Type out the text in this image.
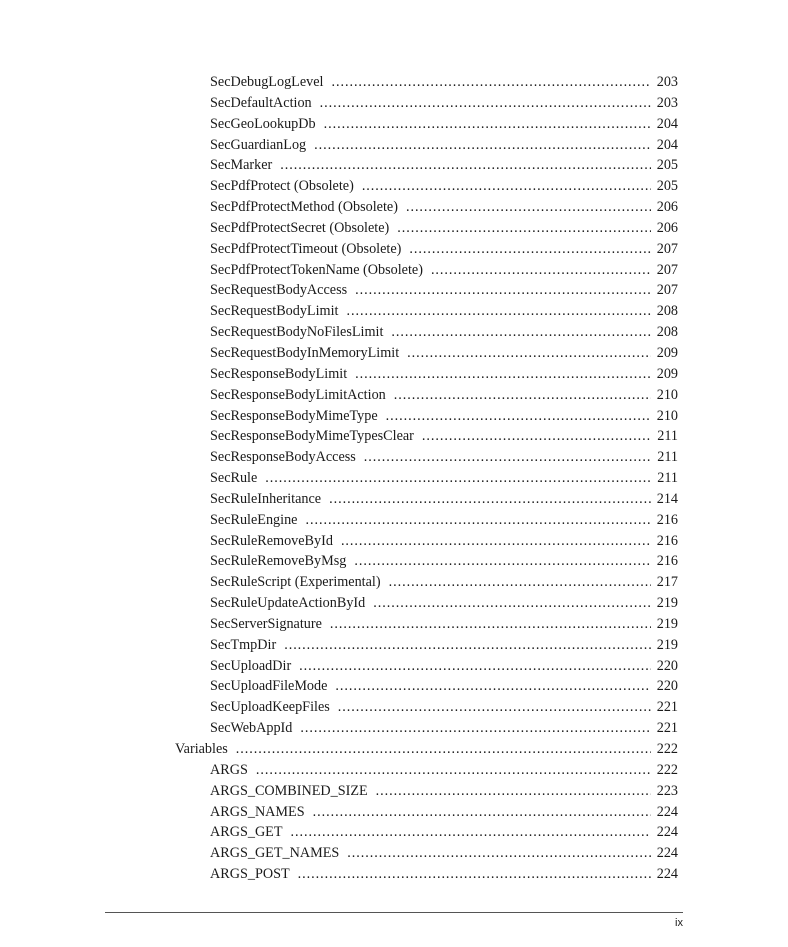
SecDebugLogLevel . . .	203
SecDefaultAction . . .	203
SecGeoLookupDb . . .	204
SecGuardianLog . . .	204
SecMarker . . .	205
SecPdfProtect (Obsolete) . . .	205
SecPdfProtectMethod (Obsolete) . . .	206
SecPdfProtectSecret (Obsolete) . . .	206
SecPdfProtectTimeout (Obsolete) . . .	207
SecPdfProtectTokenName (Obsolete) . . .	207
SecRequestBodyAccess . . .	207
SecRequestBodyLimit . . .	208
SecRequestBodyNoFilesLimit . . .	208
SecRequestBodyInMemoryLimit . . .	209
SecResponseBodyLimit . . .	209
SecResponseBodyLimitAction . . .	210
SecResponseBodyMimeType . . .	210
SecResponseBodyMimeTypesClear . . .	211
SecResponseBodyAccess . . .	211
SecRule . . .	211
SecRuleInheritance . . .	214
SecRuleEngine . . .	216
SecRuleRemoveById . . .	216
SecRuleRemoveByMsg . . .	216
SecRuleScript (Experimental) . . .	217
SecRuleUpdateActionById . . .	219
SecServerSignature . . .	219
SecTmpDir . . .	219
SecUploadDir . . .	220
SecUploadFileMode . . .	220
SecUploadKeepFiles . . .	221
SecWebAppId . . .	221
Variables . . .	222
ARGS . . .	222
ARGS_COMBINED_SIZE . . .	223
ARGS_NAMES . . .	224
ARGS_GET . . .	224
ARGS_GET_NAMES . . .	224
ARGS_POST . . .	224
ix
